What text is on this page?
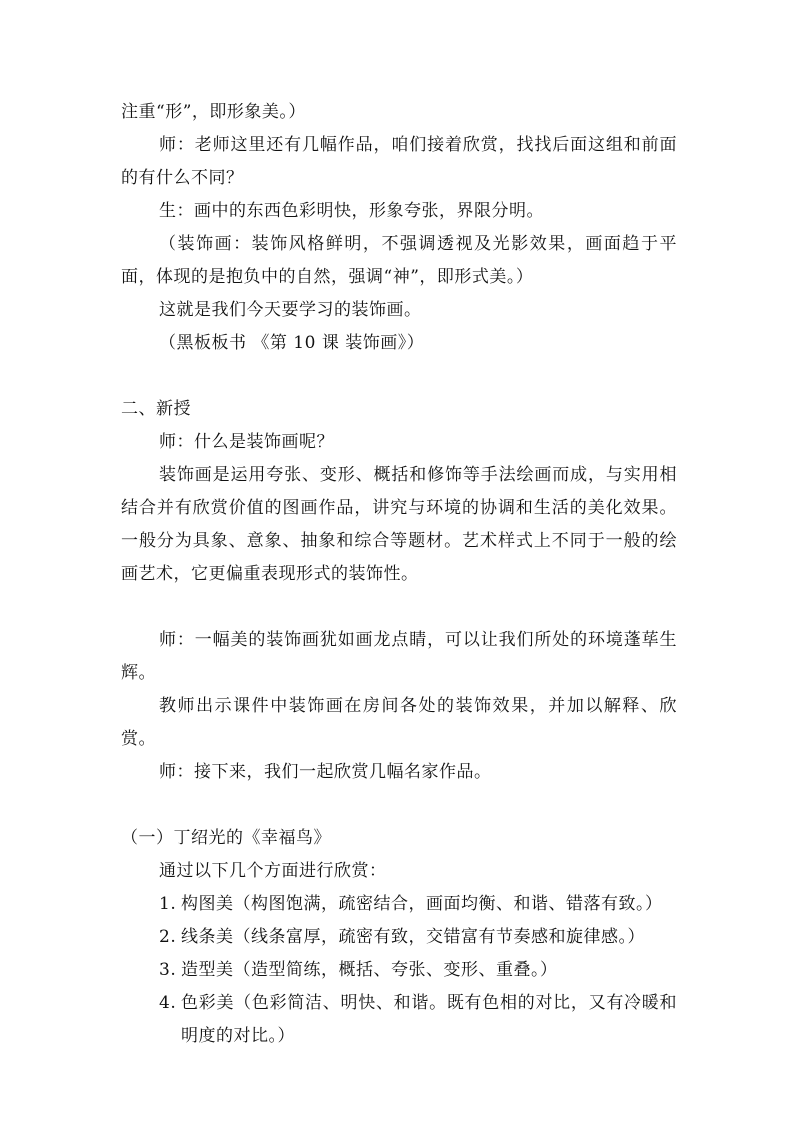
注重“形”，即形象美。）

师：老师这里还有几幅作品，咱们接着欣赏，找找后面这组和前面的有什么不同？

生：画中的东西色彩明快，形象夸张，界限分明。

（装饰画：装饰风格鲜明，不强调透视及光影效果，画面趋于平面，体现的是抱负中的自然，强调“神”，即形式美。）

这就是我们今天要学习的装饰画。

（黑板板书 《第 10 课 装饰画》）

二、新授

师：什么是装饰画呢？

装饰画是运用夸张、变形、概括和修饰等手法绘画而成，与实用相结合并有欣赏价值的图画作品，讲究与环境的协调和生活的美化效果。一般分为具象、意象、抽象和综合等题材。艺术样式上不同于一般的绘画艺术，它更偏重表现形式的装饰性。

师：一幅美的装饰画犹如画龙点睛，可以让我们所处的环境蓬荜生辉。

教师出示课件中装饰画在房间各处的装饰效果，并加以解释、欣赏。

师：接下来，我们一起欣赏几幅名家作品。

（一）丁绍光的《幸福鸟》

通过以下几个方面进行欣赏：

1. 构图美（构图饱满，疏密结合，画面均衡、和谐、错落有致。）
2. 线条美（线条富厚，疏密有致，交错富有节奏感和旋律感。）
3. 造型美（造型简练，概括、夸张、变形、重叠。）
4. 色彩美（色彩简洁、明快、和谐。既有色相的对比，又有冷暖和明度的对比。）
